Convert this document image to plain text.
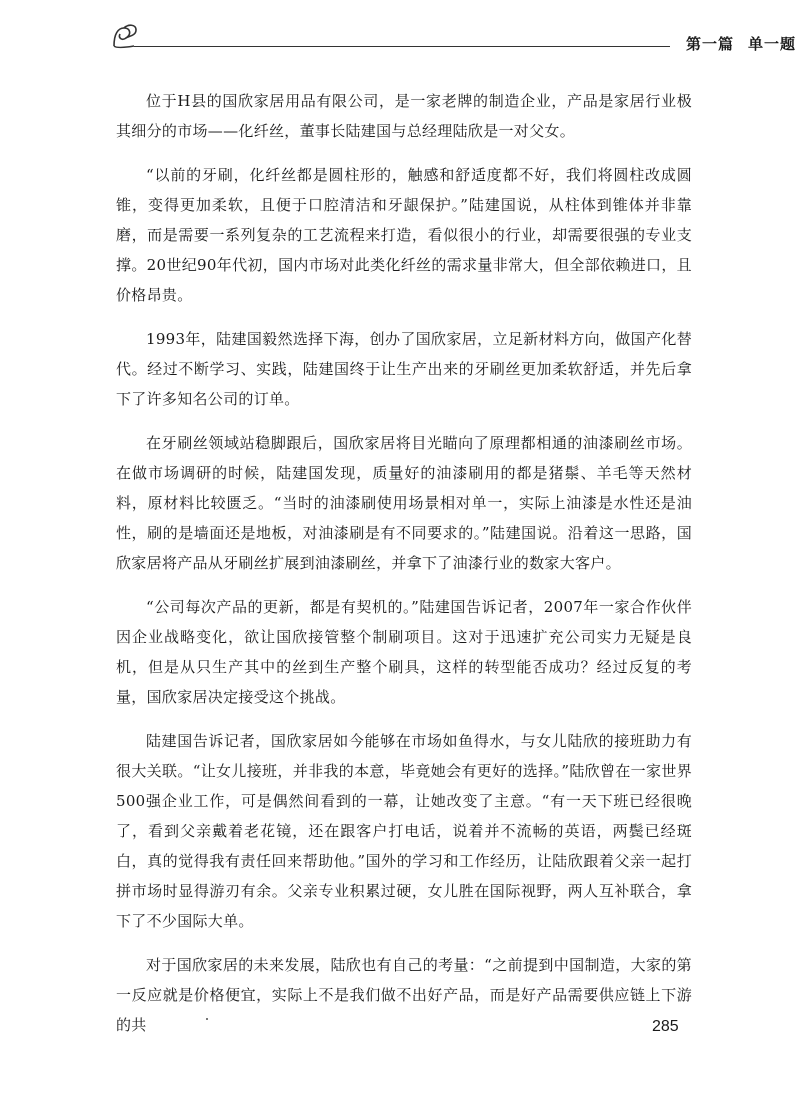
第一篇 单一题

位于H县的国欣家居用品有限公司，是一家老牌的制造企业，产品是家居行业极其细分的市场——化纤丝，董事长陆建国与总经理陆欣是一对父女。

“以前的牙刷，化纤丝都是圆柱形的，触感和舒适度都不好，我们将圆柱改成圆锥，变得更加柔软，且便于口腔清洁和牙龈保护。”陆建国说，从柱体到锥体并非靠磨，而是需要一系列复杂的工艺流程来打造，看似很小的行业，却需要很强的专业支撑。20世纪90年代初，国内市场对此类化纤丝的需求量非常大，但全部依赖进口，且价格昂贵。

1993年，陆建国毅然选择下海，创办了国欣家居，立足新材料方向，做国产化替代。经过不断学习、实践，陆建国终于让生产出来的牙刷丝更加柔软舒适，并先后拿下了许多知名公司的订单。

在牙刷丝领域站稳脚跟后，国欣家居将目光瞄向了原理都相通的油漆刷丝市场。在做市场调研的时候，陆建国发现，质量好的油漆刷用的都是猪鬃、羊毛等天然材料，原材料比较匮乏。“当时的油漆刷使用场景相对单一，实际上油漆是水性还是油性，刷的是墙面还是地板，对油漆刷是有不同要求的。”陆建国说。沿着这一思路，国欣家居将产品从牙刷丝扩展到油漆刷丝，并拿下了油漆行业的数家大客户。

“公司每次产品的更新，都是有契机的。”陆建国告诉记者，2007年一家合作伙伴因企业战略变化，欲让国欣接管整个制刷项目。这对于迅速扩充公司实力无疑是良机，但是从只生产其中的丝到生产整个刷具，这样的转型能否成功？经过反复的考量，国欣家居决定接受这个挑战。

陆建国告诉记者，国欣家居如今能够在市场如鱼得水，与女儿陆欣的接班助力有很大关联。“让女儿接班，并非我的本意，毕竟她会有更好的选择。”陆欣曾在一家世界500强企业工作，可是偶然间看到的一幕，让她改变了主意。“有一天下班已经很晚了，看到父亲戴着老花镜，还在跟客户打电话，说着并不流畅的英语，两鬓已经斑白，真的觉得我有责任回来帮助他。”国外的学习和工作经历，让陆欣跟着父亲一起打拼市场时显得游刃有余。父亲专业积累过硬，女儿胜在国际视野，两人互补联合，拿下了不少国际大单。

对于国欣家居的未来发展，陆欣也有自己的考量：“之前提到中国制造，大家的第一反应就是价格便宜，实际上不是我们做不出好产品，而是好产品需要供应链上下游的共	285
